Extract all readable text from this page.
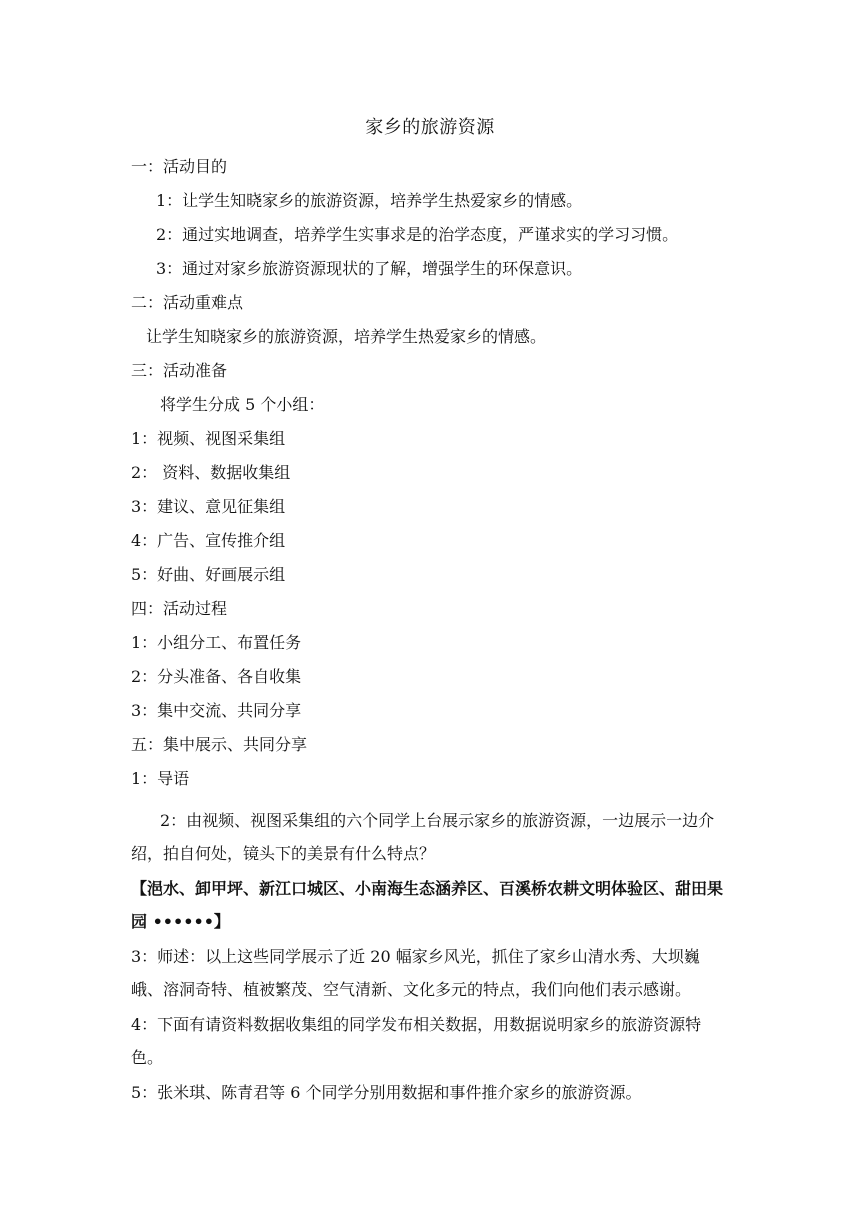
家乡的旅游资源
一：活动目的
1：让学生知晓家乡的旅游资源，培养学生热爱家乡的情感。
2：通过实地调查，培养学生实事求是的治学态度，严谨求实的学习习惯。
3：通过对家乡旅游资源现状的了解，增强学生的环保意识。
二：活动重难点
让学生知晓家乡的旅游资源，培养学生热爱家乡的情感。
三：活动准备
将学生分成 5 个小组：
1：视频、视图采集组
2： 资料、数据收集组
3：建议、意见征集组
4：广告、宣传推介组
5：好曲、好画展示组
四：活动过程
1：小组分工、布置任务
2：分头准备、各自收集
3：集中交流、共同分享
五：集中展示、共同分享
1：导语
2：由视频、视图采集组的六个同学上台展示家乡的旅游资源，一边展示一边介绍，拍自何处，镜头下的美景有什么特点？
【浥水、卸甲坪、新江口城区、小南海生态涵养区、百溪桥农耕文明体验区、甜田果园 ••••••】
3：师述：以上这些同学展示了近 20 幅家乡风光，抓住了家乡山清水秀、大坝巍峨、溶洞奇特、植被繁茂、空气清新、文化多元的特点，我们向他们表示感谢。
4：下面有请资料数据收集组的同学发布相关数据，用数据说明家乡的旅游资源特色。
5：张米琪、陈青君等 6 个同学分别用数据和事件推介家乡的旅游资源。
